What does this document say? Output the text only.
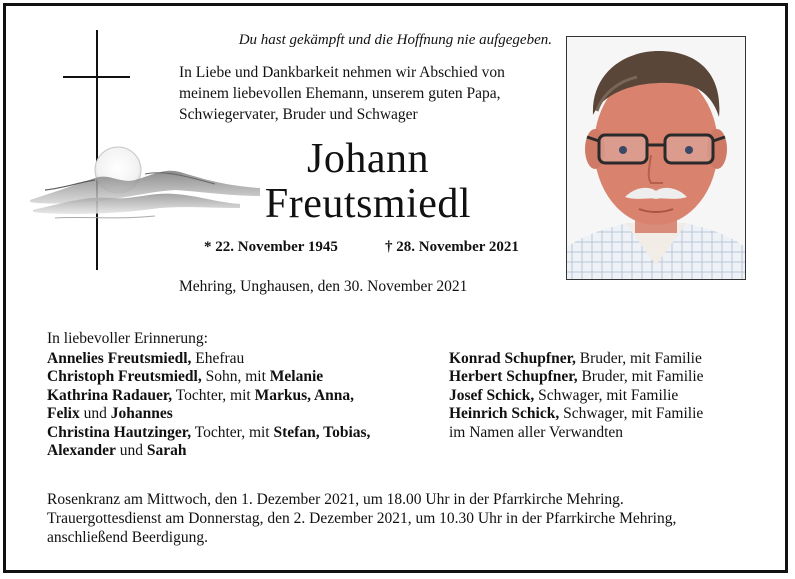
Du hast gekämpft und die Hoffnung nie aufgegeben.
In Liebe und Dankbarkeit nehmen wir Abschied von
meinem liebevollen Ehemann, unserem guten Papa,
Schwiegervater, Bruder und Schwager
Johann
Freutsmiedl
* 22. November 1945	† 28. November 2021
Mehring, Unghausen, den 30. November 2021
In liebevoller Erinnerung:
Annelies Freutsmiedl, Ehefrau
Christoph Freutsmiedl, Sohn, mit Melanie
Kathrina Radauer, Tochter, mit Markus, Anna,
Felix und Johannes
Christina Hautzinger, Tochter, mit Stefan, Tobias,
Alexander und Sarah
Konrad Schupfner, Bruder, mit Familie
Herbert Schupfner, Bruder, mit Familie
Josef Schick, Schwager, mit Familie
Heinrich Schick, Schwager, mit Familie
im Namen aller Verwandten
Rosenkranz am Mittwoch, den 1. Dezember 2021, um 18.00 Uhr in der Pfarrkirche Mehring.
Trauergottesdienst am Donnerstag, den 2. Dezember 2021, um 10.30 Uhr in der Pfarrkirche Mehring,
anschließend Beerdigung.
